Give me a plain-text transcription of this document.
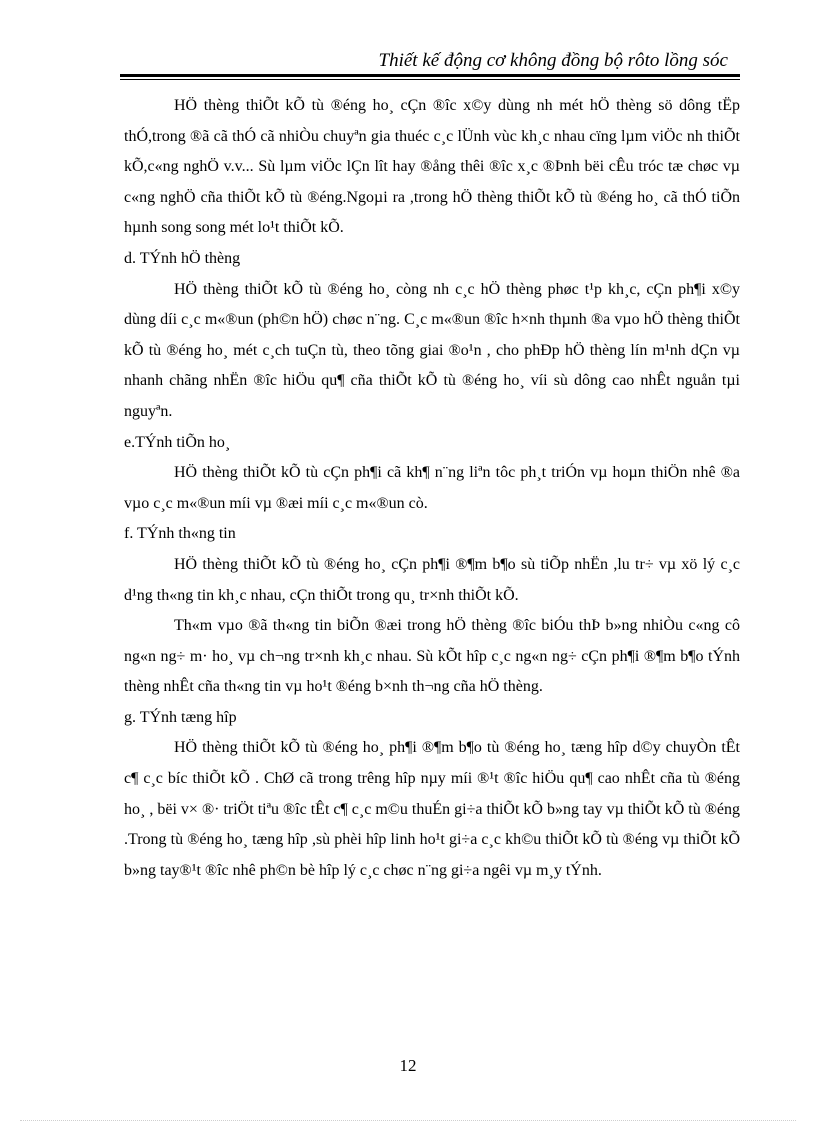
Thiết kế động cơ không đồng bộ rôto lồng sóc

HÖ thèng thiÕt kÕ tù ®éng ho¸ cÇn ®îc x©y dùng nh mét hÖ thèng sö dông tËp thÓ,trong ®ã cã thÓ cã nhiÒu chuyªn gia thuéc c¸c lÜnh vùc kh¸c nhau cïng lµm viÖc nh thiÕt kÕ,c«ng nghÖ v.v... Sù lµm viÖc lÇn lît hay ®ång thêi ®îc x¸c ®Þnh bëi cÊu tróc tæ chøc vµ c«ng nghÖ cña thiÕt kÕ tù ®éng.Ngoµi ra ,trong hÖ thèng thiÕt kÕ tù ®éng ho¸ cã thÓ tiÕn hµnh song song mét lo¹t thiÕt kÕ.

d. TÝnh hÖ thèng

HÖ thèng thiÕt kÕ tù ®éng ho¸ còng nh c¸c hÖ thèng phøc t¹p kh¸c, cÇn ph¶i x©y dùng díi c¸c m«®un (ph©n hÖ) chøc n¨ng. C¸c m«®un ®îc h×nh thµnh ®a vµo hÖ thèng thiÕt kÕ tù ®éng ho¸ mét c¸ch tuÇn tù, theo tõng giai ®o¹n , cho phÐp hÖ thèng lín m¹nh dÇn vµ nhanh chãng nhËn ®îc hiÖu qu¶ cña thiÕt kÕ tù ®éng ho¸ víi sù dông cao nhÊt nguån tµi nguyªn.

e.TÝnh tiÕn ho¸

HÖ thèng thiÕt kÕ tù cÇn ph¶i cã kh¶ n¨ng liªn tôc ph¸t triÓn vµ hoµn thiÖn nhê ®a vµo c¸c m«®un míi vµ ®æi míi c¸c m«®un cò.

f. TÝnh th«ng tin

HÖ thèng thiÕt kÕ tù ®éng ho¸ cÇn ph¶i ®¶m b¶o sù tiÕp nhËn ,lu tr÷ vµ xö lý c¸c d¹ng th«ng tin kh¸c nhau, cÇn thiÕt trong qu¸ tr×nh thiÕt kÕ.

Th«m vµo ®ã th«ng tin biÕn ®æi trong hÖ thèng ®îc biÓu thÞ b»ng nhiÒu c«ng cô ng«n ng÷ m· ho¸ vµ ch¬ng tr×nh kh¸c nhau. Sù kÕt hîp c¸c ng«n ng÷ cÇn ph¶i ®¶m b¶o tÝnh thèng nhÊt cña th«ng tin vµ ho¹t ®éng b×nh th¬ng cña hÖ thèng.

g. TÝnh tæng hîp

HÖ thèng thiÕt kÕ tù ®éng ho¸ ph¶i ®¶m b¶o tù ®éng ho¸ tæng hîp d©y chuyÒn tÊt c¶ c¸c bíc thiÕt kÕ . ChØ cã trong trêng hîp nµy míi ®¹t ®îc hiÖu qu¶ cao nhÊt cña tù ®éng ho¸ , bëi v× ®· triÖt tiªu ®îc tÊt c¶ c¸c m©u thuÉn gi÷a thiÕt kÕ b»ng tay vµ thiÕt kÕ tù ®éng .Trong tù ®éng ho¸ tæng hîp ,sù phèi hîp linh ho¹t gi÷a c¸c kh©u thiÕt kÕ tù ®éng vµ thiÕt kÕ b»ng tay®¹t ®îc nhê ph©n bè hîp lý c¸c chøc n¨ng gi÷a ngêi vµ m¸y tÝnh.

12
